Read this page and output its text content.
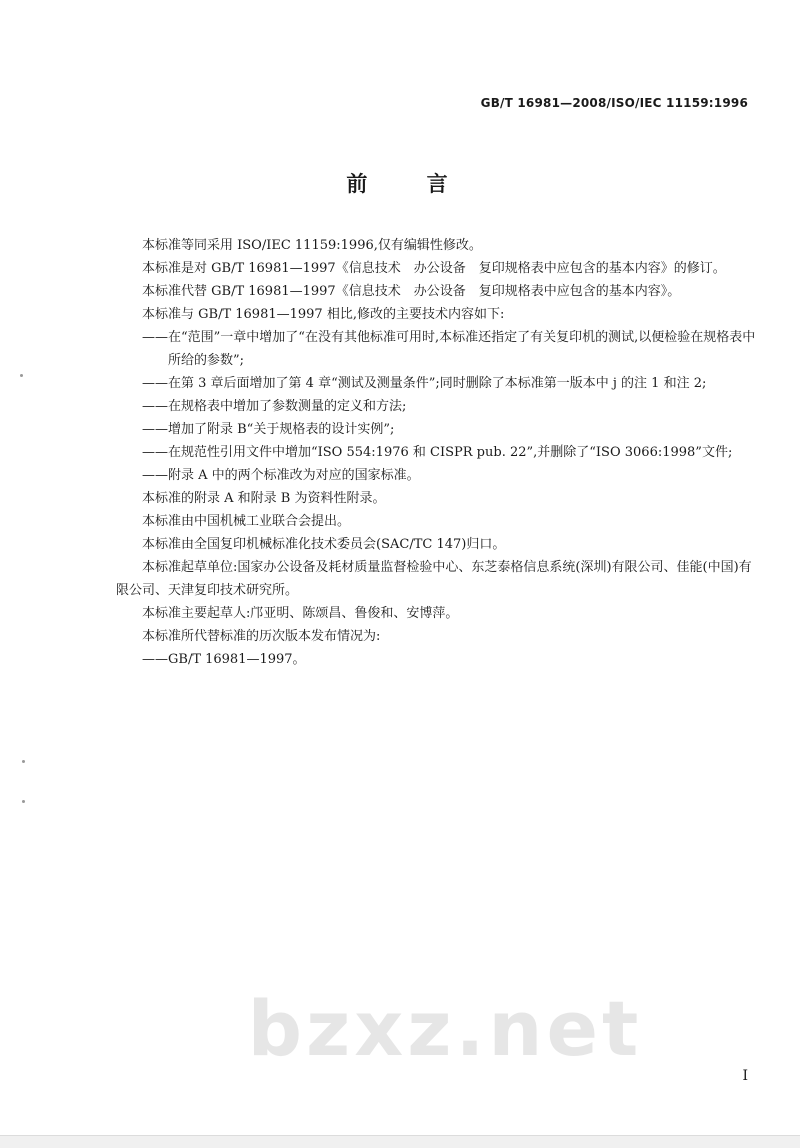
GB/T 16981—2008/ISO/IEC 11159:1996
前 言

本标准等同采用 ISO/IEC 11159:1996,仅有编辑性修改。

本标准是对 GB/T 16981—1997《信息技术　办公设备　复印规格表中应包含的基本内容》的修订。

本标准代替 GB/T 16981—1997《信息技术　办公设备　复印规格表中应包含的基本内容》。

本标准与 GB/T 16981—1997 相比,修改的主要技术内容如下:

——在“范围”一章中增加了“在没有其他标准可用时,本标准还指定了有关复印机的测试,以便检验在规格表中所给的参数”;

——在第 3 章后面增加了第 4 章“测试及测量条件”;同时删除了本标准第一版本中 j 的注 1 和注 2;

——在规格表中增加了参数测量的定义和方法;

——增加了附录 B“关于规格表的设计实例”;

——在规范性引用文件中增加“ISO 554:1976 和 CISPR pub. 22”,并删除了“ISO 3066:1998”文件;

——附录 A 中的两个标准改为对应的国家标准。

本标准的附录 A 和附录 B 为资料性附录。

本标准由中国机械工业联合会提出。

本标准由全国复印机械标准化技术委员会(SAC/TC 147)归口。

本标准起草单位:国家办公设备及耗材质量监督检验中心、东芝泰格信息系统(深圳)有限公司、佳能(中国)有限公司、天津复印技术研究所。

本标准主要起草人:邝亚明、陈颂昌、鲁俊和、安博萍。

本标准所代替标准的历次版本发布情况为:

——GB/T 16981—1997。

bzxz.net
I
